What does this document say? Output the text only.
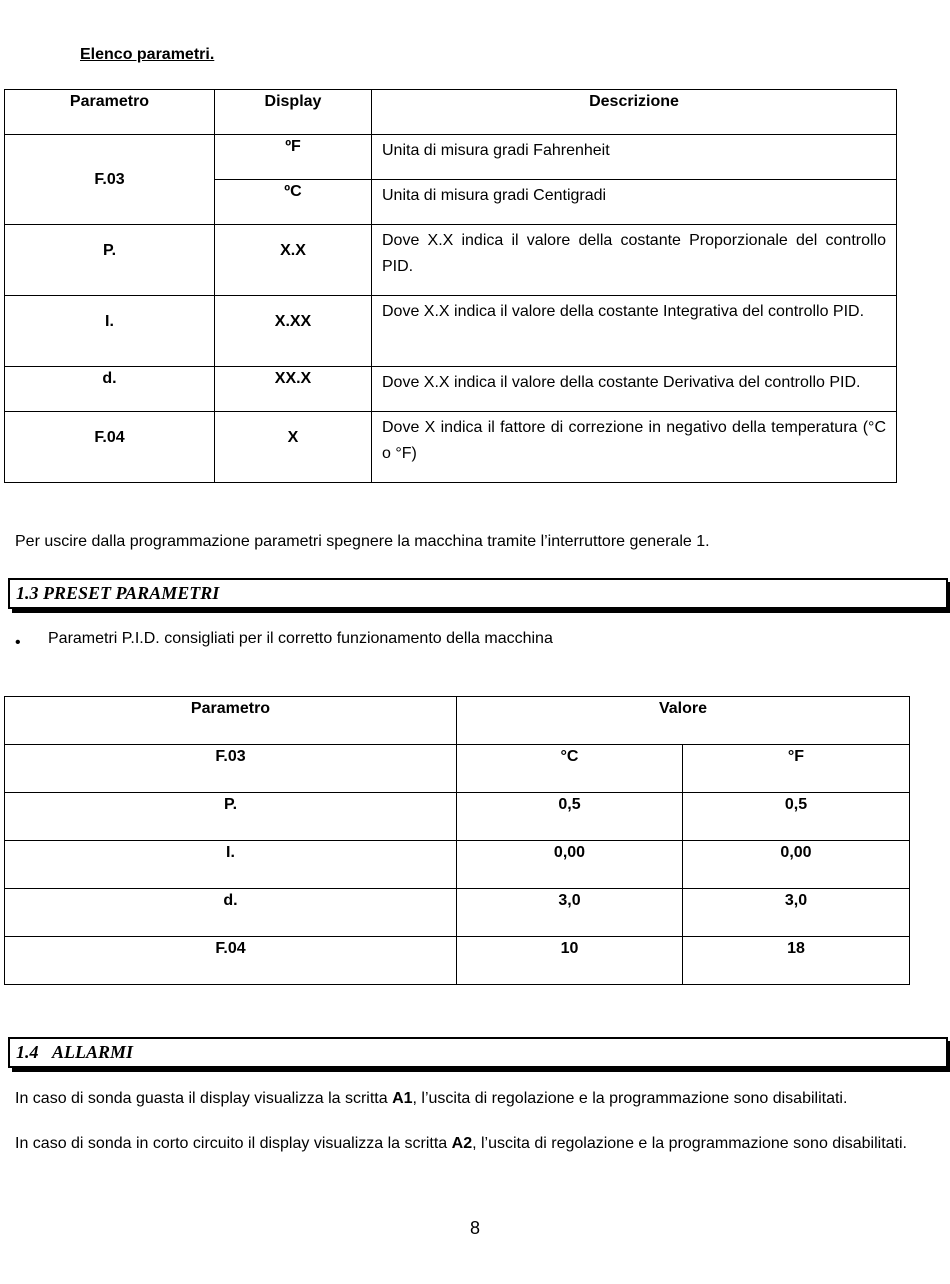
Elenco parametri.
Parametro	Display	Descrizione
F.03	ºF	Unita di misura gradi Fahrenheit
	ºC	Unita di misura gradi Centigradi
P.	X.X	Dove X.X indica il valore della costante Proporzionale del controllo PID.
I.	X.XX	Dove X.X indica il valore della costante Integrativa del controllo PID.
d.	XX.X	Dove X.X indica il valore della costante Derivativa del controllo PID.
F.04	X	Dove X indica il fattore di correzione in negativo della temperatura (°C o °F)
Per uscire dalla programmazione parametri spegnere la macchina tramite l’interruttore generale 1.
1.3 PRESET PARAMETRI
• Parametri P.I.D. consigliati per il corretto funzionamento della macchina
Parametro	Valore	
F.03	°C	°F
P.	0,5	0,5
I.	0,00	0,00
d.	3,0	3,0
F.04	10	18
1.4 ALLARMI
In caso di sonda guasta il display visualizza la scritta A1, l’uscita di regolazione e la programmazione sono disabilitati.
In caso di sonda in corto circuito il display visualizza la scritta A2, l’uscita di regolazione e la programmazione sono disabilitati.
8
